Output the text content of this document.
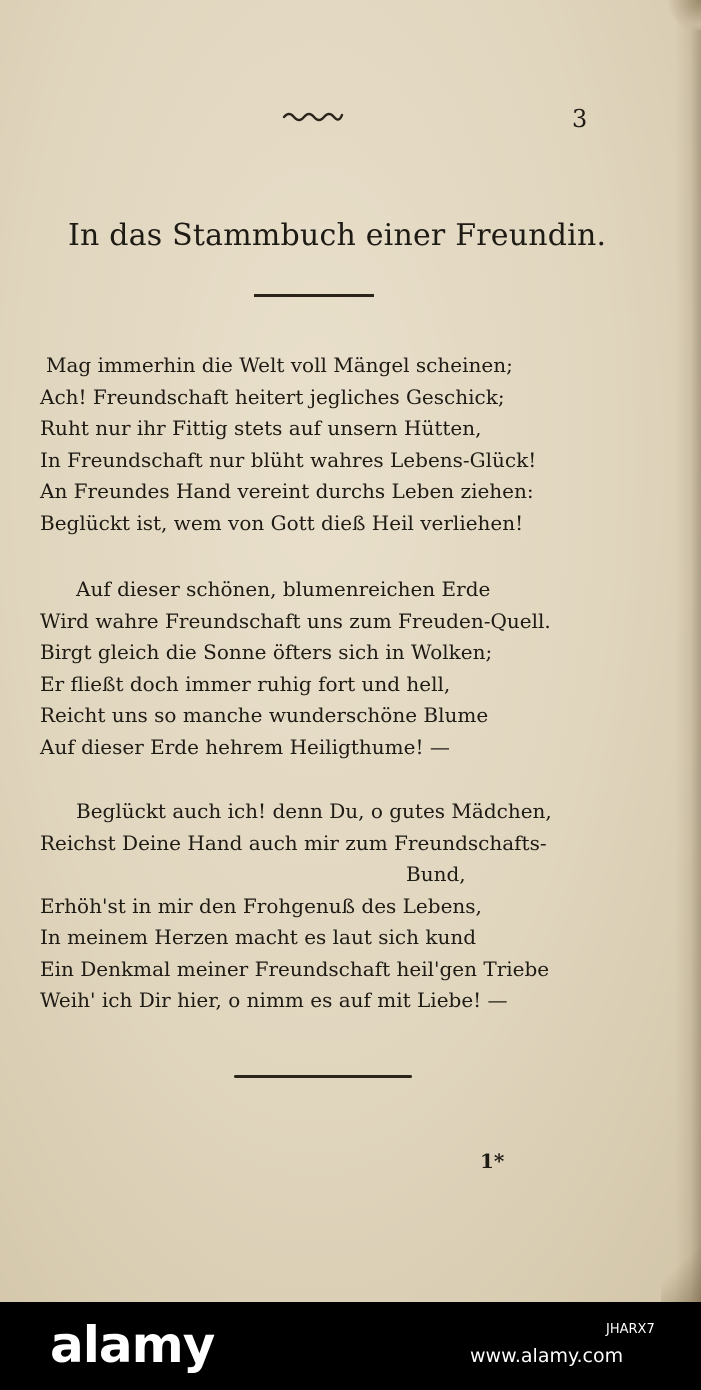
3
In das Stammbuch einer Freundin.
Mag immerhin die Welt voll Mängel scheinen;
Ach! Freundschaft heitert jegliches Geschick;
Ruht nur ihr Fittig stets auf unsern Hütten,
In Freundschaft nur blüht wahres Lebens-Glück!
An Freundes Hand vereint durchs Leben ziehen:
Beglückt ist, wem von Gott dieß Heil verliehen!
Auf dieser schönen, blumenreichen Erde
Wird wahre Freundschaft uns zum Freuden-Quell.
Birgt gleich die Sonne öfters sich in Wolken;
Er fließt doch immer ruhig fort und hell,
Reicht uns so manche wunderschöne Blume
Auf dieser Erde hehrem Heiligthume! —
Beglückt auch ich! denn Du, o gutes Mädchen,
Reichst Deine Hand auch mir zum Freundschafts-
Bund,
Erhöh'st in mir den Frohgenuß des Lebens,
In meinem Herzen macht es laut sich kund
Ein Denkmal meiner Freundschaft heil'gen Triebe
Weih' ich Dir hier, o nimm es auf mit Liebe! —
1*
alamy	JHARX7
www.alamy.com
